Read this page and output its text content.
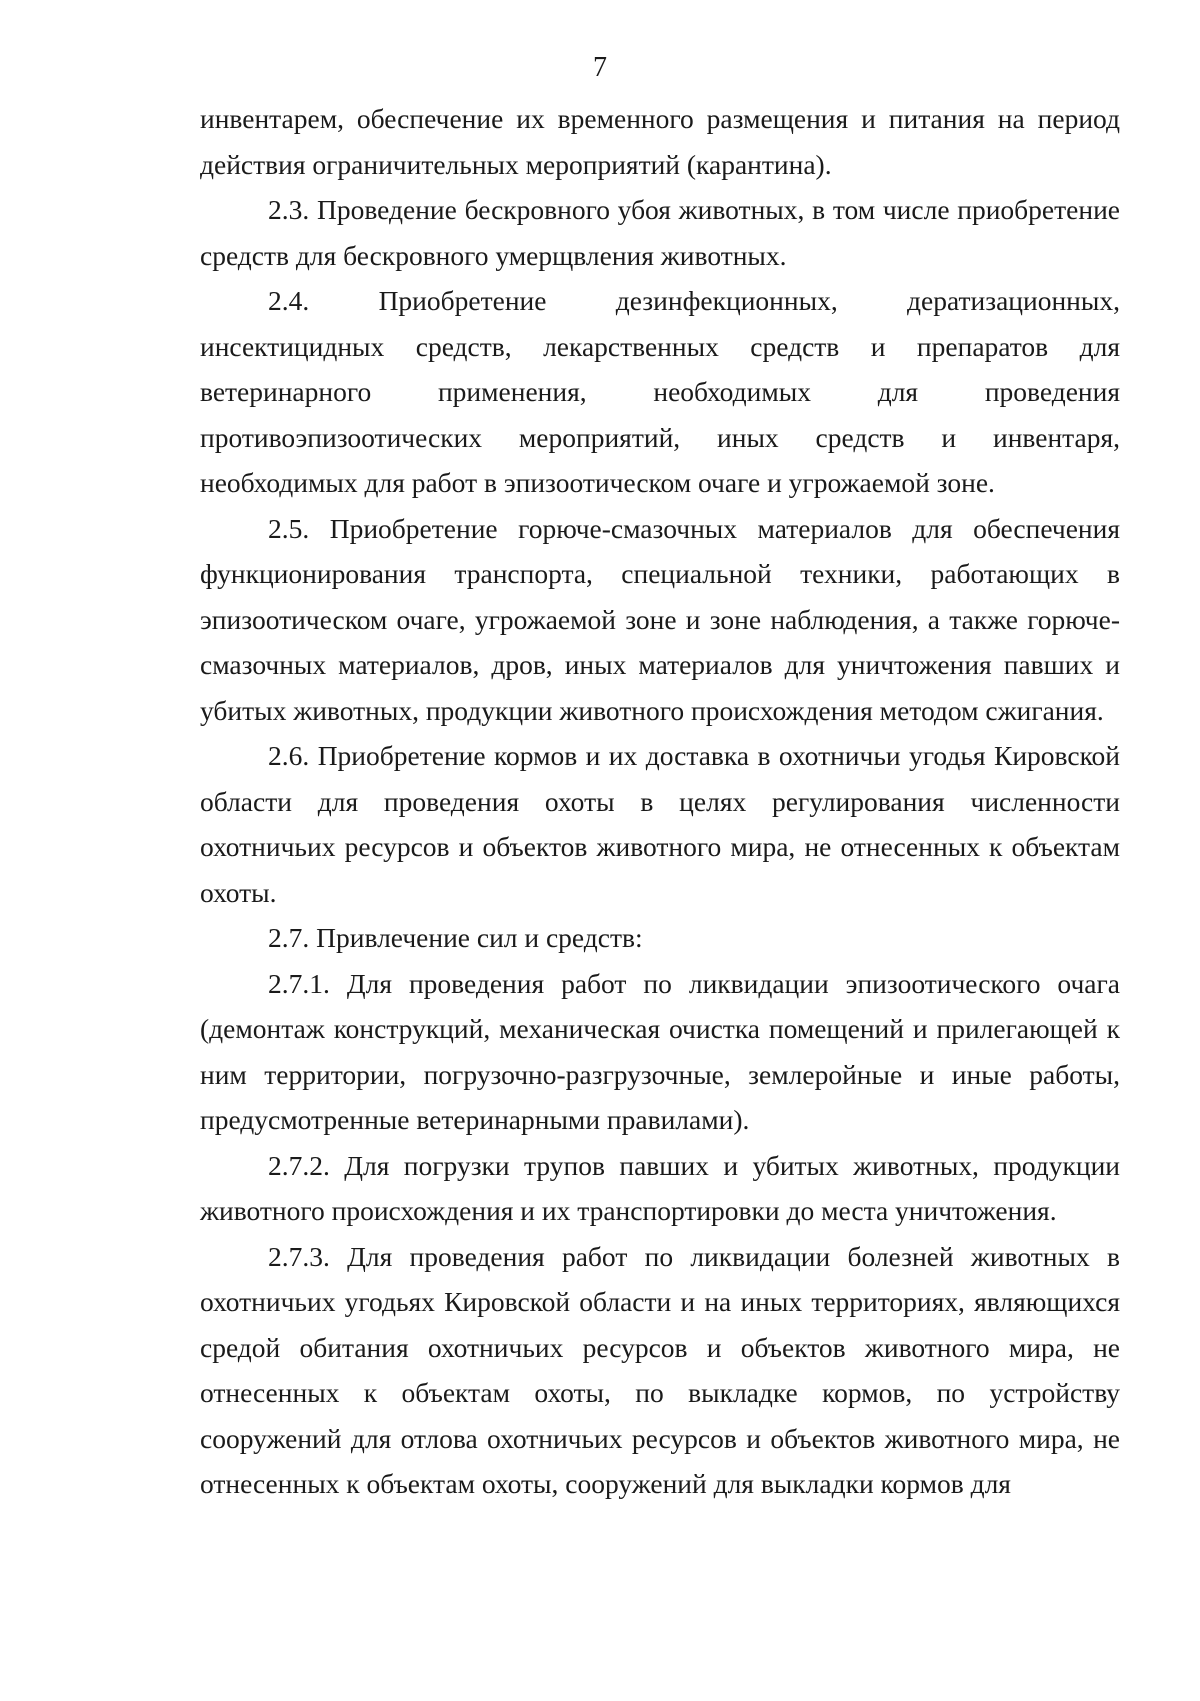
7

инвентарем, обеспечение их временного размещения и питания на период действия ограничительных мероприятий (карантина).

2.3. Проведение бескровного убоя животных, в том числе приобретение средств для бескровного умерщвления животных.

2.4. Приобретение дезинфекционных, дератизационных, инсектицидных средств, лекарственных средств и препаратов для ветеринарного применения, необходимых для проведения противоэпизоотических мероприятий, иных средств и инвентаря, необходимых для работ в эпизоотическом очаге и угрожаемой зоне.

2.5. Приобретение горюче-смазочных материалов для обеспечения функционирования транспорта, специальной техники, работающих в эпизоотическом очаге, угрожаемой зоне и зоне наблюдения, а также горюче-смазочных материалов, дров, иных материалов для уничтожения павших и убитых животных, продукции животного происхождения методом сжигания.

2.6. Приобретение кормов и их доставка в охотничьи угодья Кировской области для проведения охоты в целях регулирования численности охотничьих ресурсов и объектов животного мира, не отнесенных к объектам охоты.

2.7. Привлечение сил и средств:

2.7.1. Для проведения работ по ликвидации эпизоотического очага (демонтаж конструкций, механическая очистка помещений и прилегающей к ним территории, погрузочно-разгрузочные, землеройные и иные работы, предусмотренные ветеринарными правилами).

2.7.2. Для погрузки трупов павших и убитых животных, продукции животного происхождения и их транспортировки до места уничтожения.

2.7.3. Для проведения работ по ликвидации болезней животных в охотничьих угодьях Кировской области и на иных территориях, являющихся средой обитания охотничьих ресурсов и объектов животного мира, не отнесенных к объектам охоты, по выкладке кормов, по устройству сооружений для отлова охотничьих ресурсов и объектов животного мира, не отнесенных к объектам охоты, сооружений для выкладки кормов для
